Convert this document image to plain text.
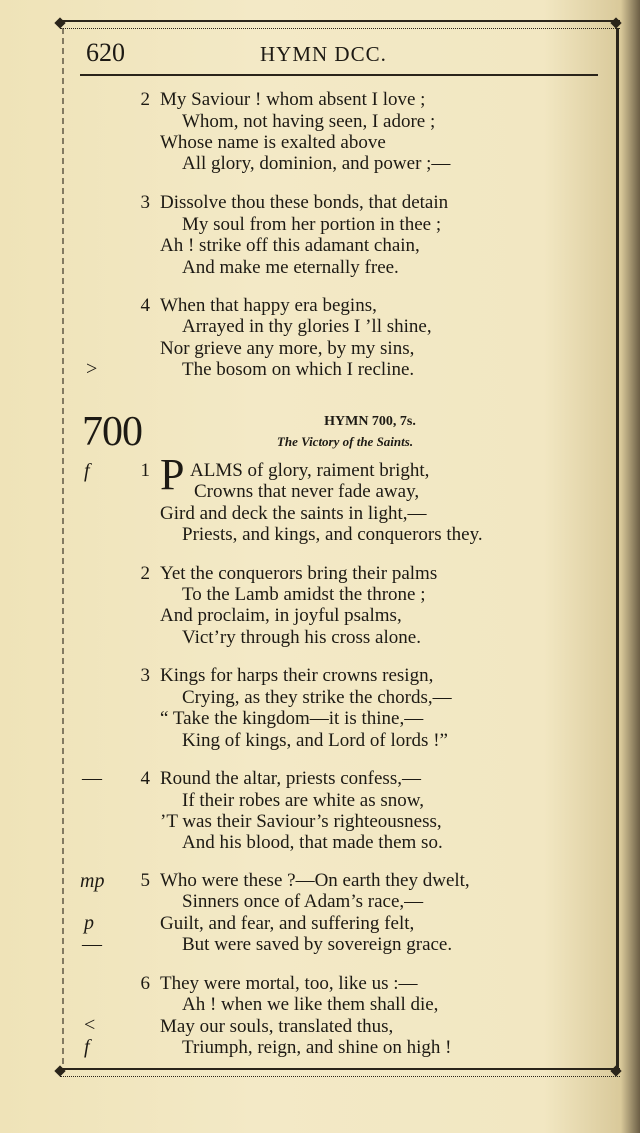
620	HYMN DCC.
2 My Saviour ! whom absent I love ;
Whom, not having seen, I adore ;
Whose name is exalted above
All glory, dominion, and power ;—
3 Dissolve thou these bonds, that detain
My soul from her portion in thee ;
Ah ! strike off this adamant chain,
And make me eternally free.
4 When that happy era begins,
Arrayed in thy glories I ’ll shine,
Nor grieve any more, by my sins,
>	The bosom on which I recline.
700	HYMN 700, 7s.
The Victory of the Saints.
f	1 P ALMS of glory, raiment bright,
Crowns that never fade away,
Gird and deck the saints in light,—
Priests, and kings, and conquerors they.
2 Yet the conquerors bring their palms
To the Lamb amidst the throne ;
And proclaim, in joyful psalms,
Vict’ry through his cross alone.
3 Kings for harps their crowns resign,
Crying, as they strike the chords,—
“ Take the kingdom—it is thine,—
King of kings, and Lord of lords !”
—	4 Round the altar, priests confess,—
If their robes are white as snow,
’T was their Saviour’s righteousness,
And his blood, that made them so.
mp	5 Who were these ?—On earth they dwelt,
Sinners once of Adam’s race,—
p	Guilt, and fear, and suffering felt,
—	But were saved by sovereign grace.
6 They were mortal, too, like us :—
Ah ! when we like them shall die,
<	May our souls, translated thus,
f	Triumph, reign, and shine on high !
